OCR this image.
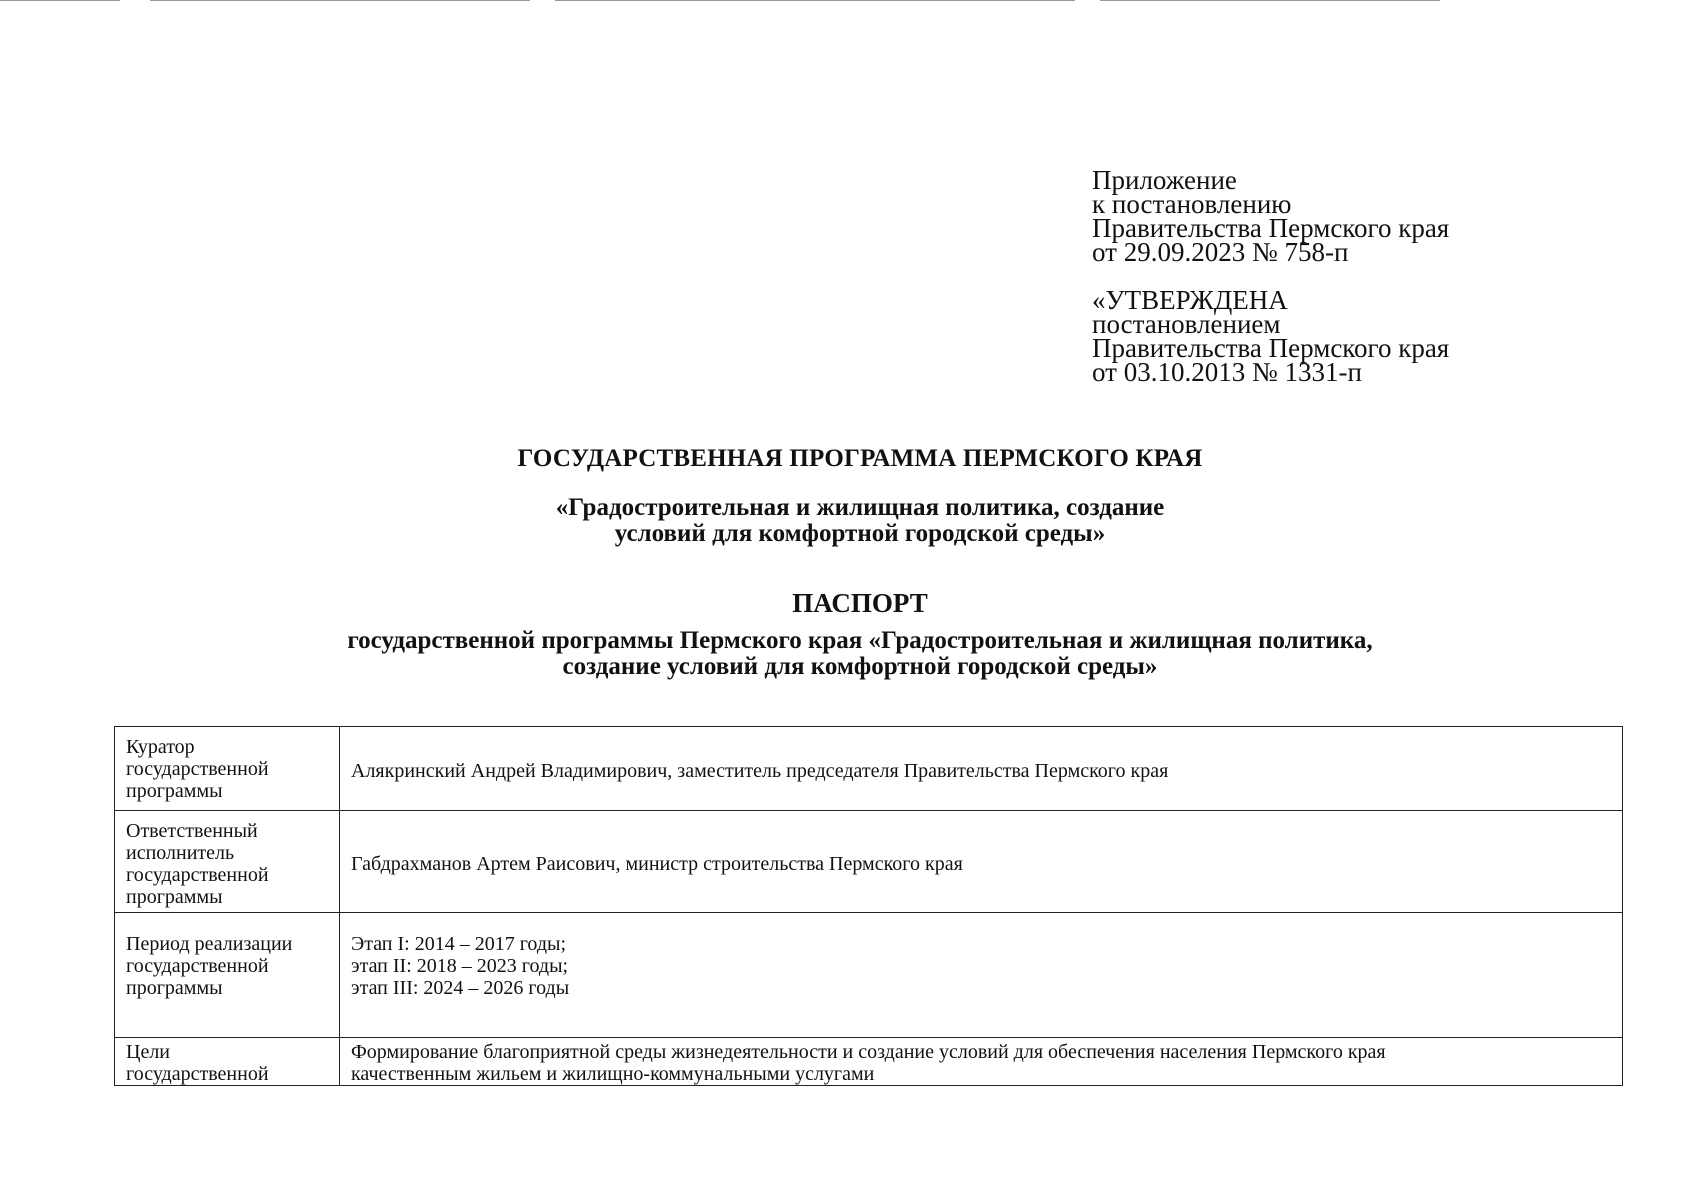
Приложение
к постановлению
Правительства Пермского края
от 29.09.2023 № 758-п
«УТВЕРЖДЕНА
постановлением
Правительства Пермского края
от 03.10.2013 № 1331-п
ГОСУДАРСТВЕННАЯ ПРОГРАММА ПЕРМСКОГО КРАЯ
«Градостроительная и жилищная политика, создание
условий для комфортной городской среды»
ПАСПОРТ
государственной программы Пермского края «Градостроительная и жилищная политика,
создание условий для комфортной городской среды»
Куратор
государственной
программы	Алякринский Андрей Владимирович, заместитель председателя Правительства Пермского края

Ответственный
исполнитель
государственной
программы	Габдрахманов Артем Раисович, министр строительства Пермского края

Период реализации
государственной
программы	Этап I: 2014 – 2017 годы;
этап II: 2018 – 2023 годы;
этап III: 2024 – 2026 годы

Цели
государственной	Формирование благоприятной среды жизнедеятельности и создание условий для обеспечения населения Пермского края
качественным жильем и жилищно-коммунальными услугами
